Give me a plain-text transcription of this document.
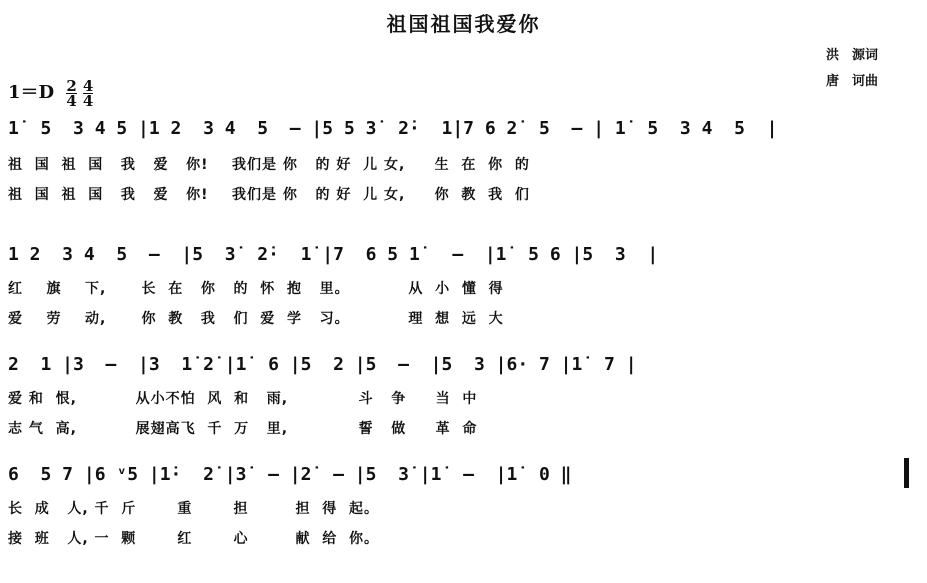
祖国祖国我爱你
洪　源词
唐　诃曲
$1=D \frac{2}{4} \frac{4}{4}$
1̇  5  3 4 5 |1 2  3 4  5  — |5 5 3̇  2̇·  1̇|7 6 2̇  5  — | 1̇  5  3 4  5  |
祖  国  祖  国   我   爱   你!    我们是 你   的 好  儿 女,     生  在  你  的
祖  国  祖  国   我   爱   你!    我们是 你   的 好  儿 女,     你  教  我  们
1 2  3 4  5  —  |5  3̇  2̇·  1̇ |7  6 5 1̇   —  |1̇  5 6 |5  3  |
红    旗    下,      长  在   你   的  怀  抱   里。          从  小  懂  得
爱    劳    动,      你  教   我   们  爱  学   习。          理  想  远  大
2  1 |3  —  |3  1̇ 2̇ |1̇  6 |5  2 |5  —  |5  3 |6· 7 |1̇  7 |
爱 和  恨,          从小不怕  风  和   雨,            斗   争     当  中
志 气  高,          展翅高飞  千  万   里,            誓   做     革  命
6  5 7 |6 ᵛ5 |1̇·  2̇ |3̇  — |2̇  — |5  3̇ |1̇  —  |1̇  0 ‖
长  成   人, 千  斤       重       担        担  得  起。
接  班   人, 一  颗       红       心        献  给  你。
